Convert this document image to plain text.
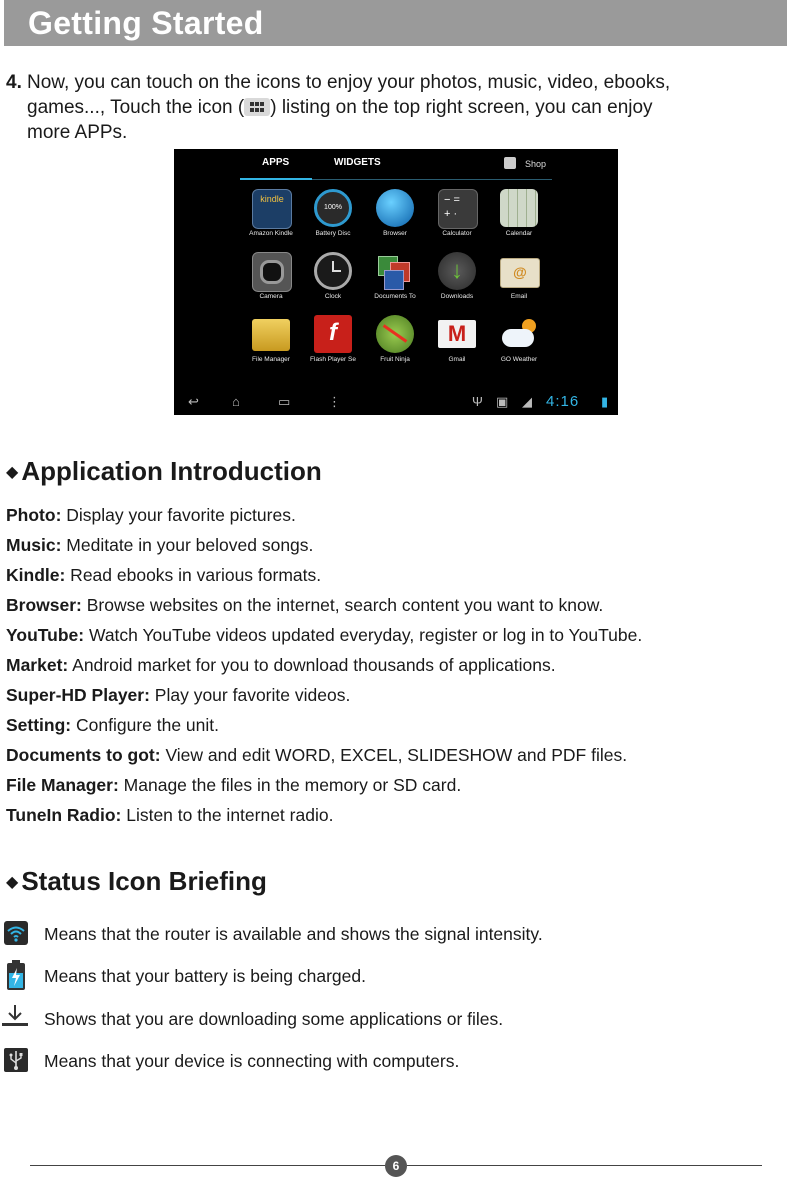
Getting Started
4. Now, you can touch on the icons to enjoy your photos, music, video, ebooks,
games..., Touch the icon ( ) listing on the top right screen, you can enjoy
more APPs.
APPS	WIDGETS	Shop
kindle
Amazon Kindle
100%
Battery Disc	Browser
− =
+ ·
Calculator	Calendar
Camera	Clock	Documents To
↓
Downloads
@
Email
File Manager
f
Flash Player Se	Fruit Ninja
M
Gmail	GO Weather
↩	⌂	▭	⋮	Ψ ▣ ◢ 4:16 ▮
◆ Application Introduction
Photo: Display your favorite pictures.
Music: Meditate in your beloved songs.
Kindle: Read ebooks in various formats.
Browser: Browse websites on the internet, search content you want to know.
YouTube: Watch YouTube videos updated everyday, register or log in to YouTube.
Market: Android market for you to download thousands of applications.
Super-HD Player: Play your favorite videos.
Setting: Configure the unit.
Documents to got: View and edit WORD, EXCEL, SLIDESHOW and PDF files.
File Manager: Manage the files in the memory or SD card.
TuneIn Radio: Listen to the internet radio.
◆ Status Icon Briefing
Means that the router is available and shows the signal intensity.
Means that your battery is being charged.
Shows that you are downloading some applications or files.
Means that your device is connecting with computers.
6
